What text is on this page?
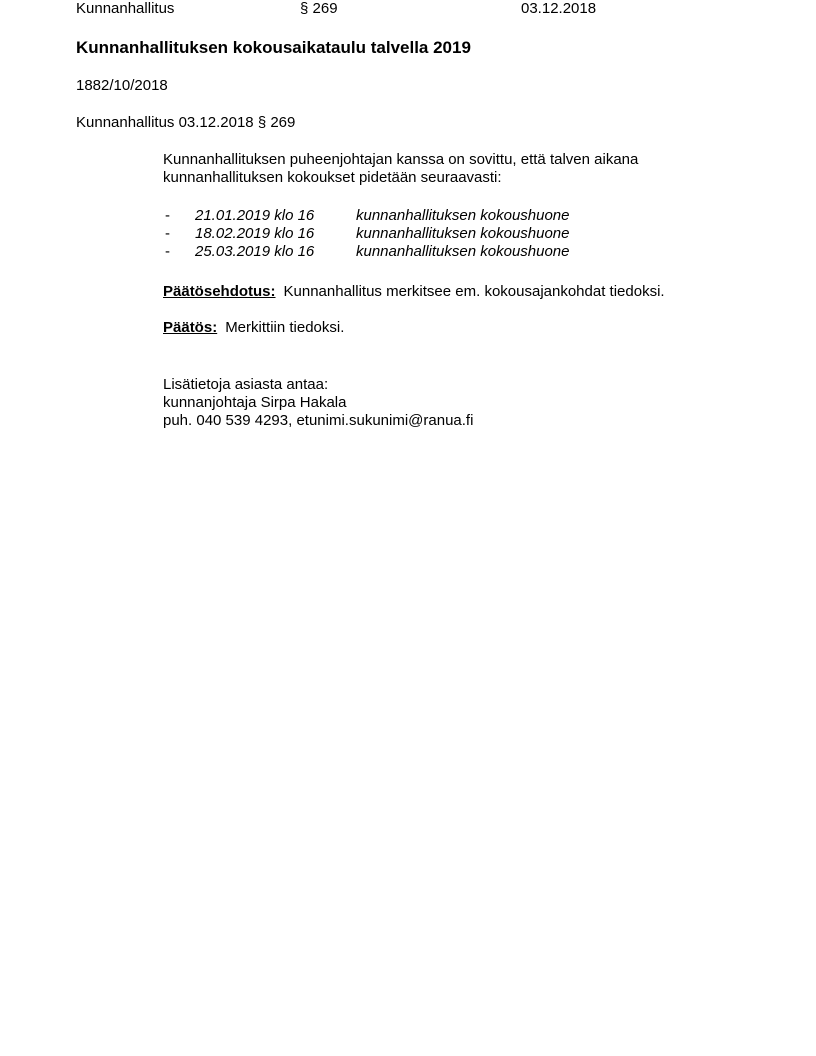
Kunnanhallitus	§ 269	03.12.2018
Kunnanhallituksen kokousaikataulu talvella 2019
1882/10/2018
Kunnanhallitus 03.12.2018 § 269
Kunnanhallituksen puheenjohtajan kanssa on sovittu, että talven aikana
kunnanhallituksen kokoukset pidetään seuraavasti:
- 21.01.2019 klo 16	kunnanhallituksen kokoushuone
- 18.02.2019 klo 16	kunnanhallituksen kokoushuone
- 25.03.2019 klo 16	kunnanhallituksen kokoushuone
Päätösehdotus: Kunnanhallitus merkitsee em. kokousajankohdat tiedoksi.
Päätös: Merkittiin tiedoksi.
Lisätietoja asiasta antaa:
kunnanjohtaja Sirpa Hakala
puh. 040 539 4293, etunimi.sukunimi@ranua.fi
